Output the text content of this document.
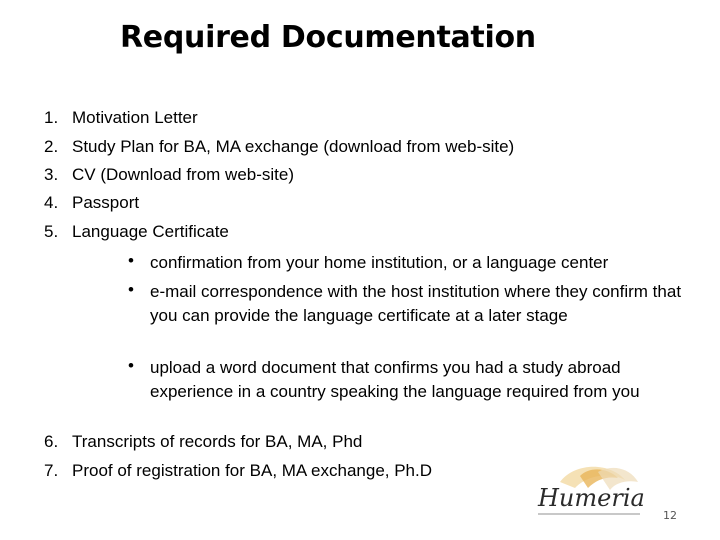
Required Documentation
1. Motivation Letter
2. Study Plan for BA, MA exchange (download from web-site)
3. CV (Download from web-site)
4. Passport
5. Language Certificate
• confirmation from your home institution, or a language center
• e-mail correspondence with the host institution where they confirm that you can provide the language certificate at a later stage
• upload a word document that confirms you had a study abroad experience in a country speaking the language required from you
6. Transcripts of records for BA, MA, Phd
7. Proof of registration for BA, MA exchange, Ph.D
Humeria
12
